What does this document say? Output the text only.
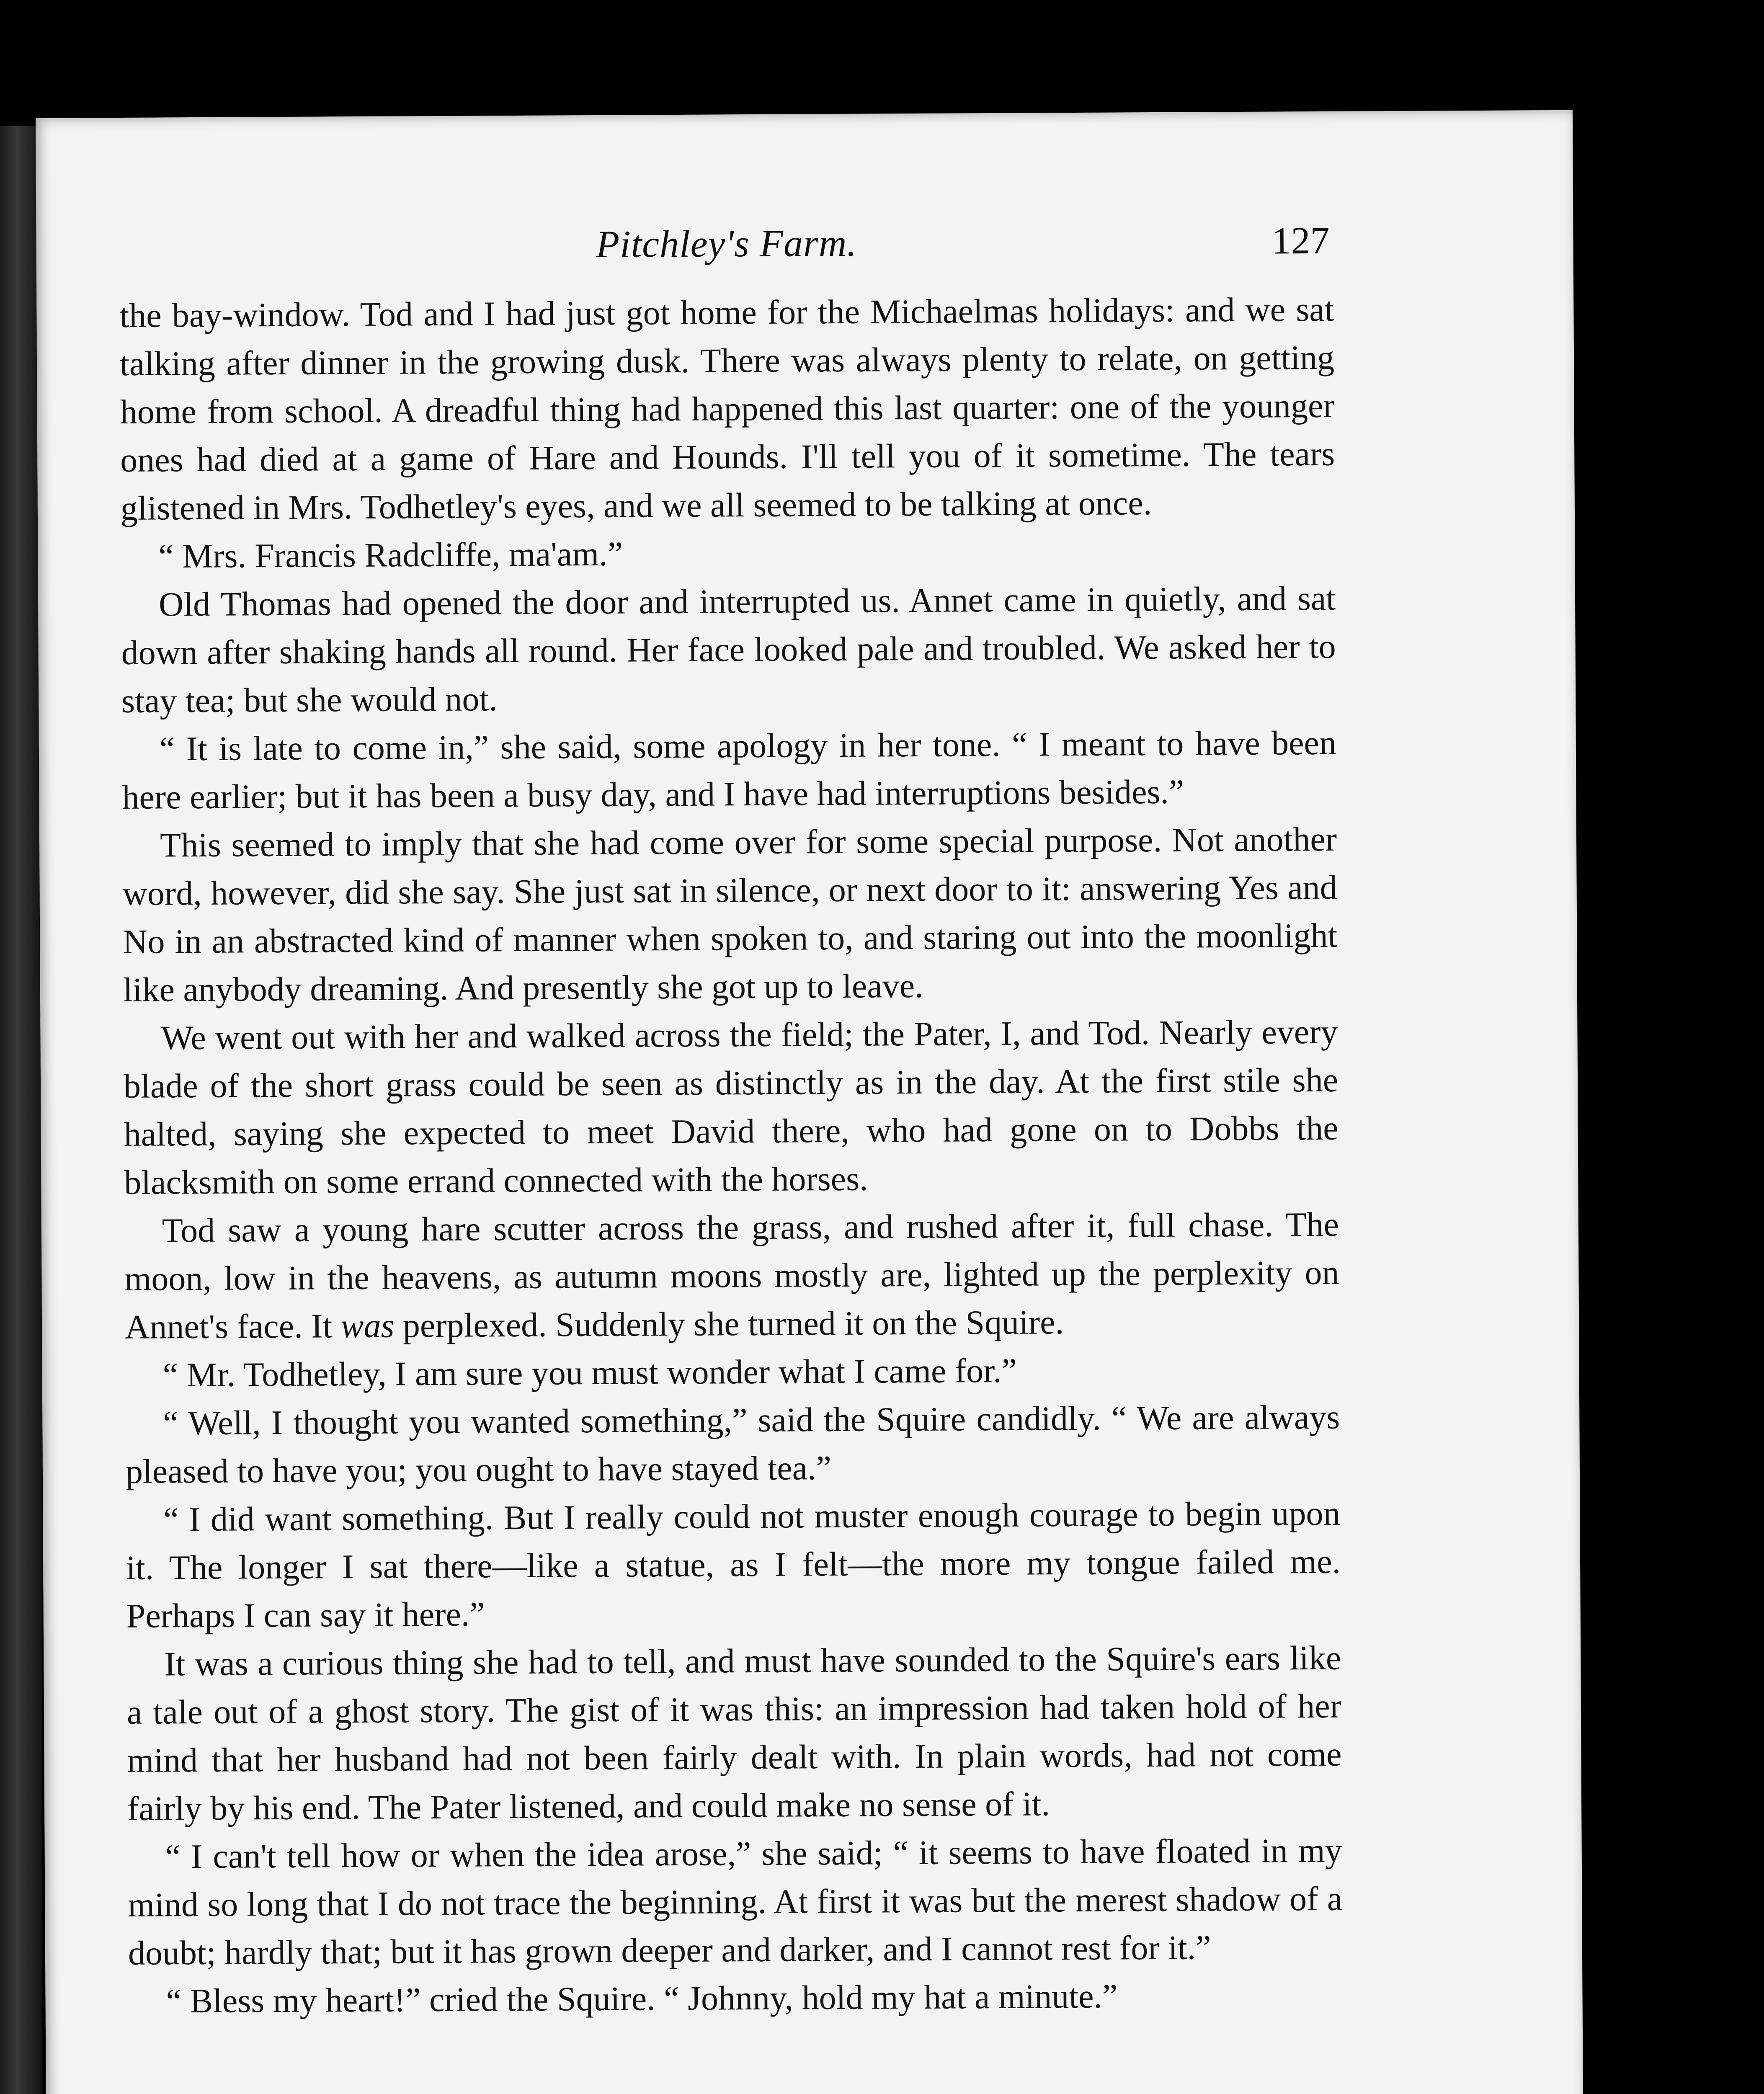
Pitchley's Farm.	127

the bay-window. Tod and I had just got home for the Michaelmas holidays: and we sat talking after dinner in the growing dusk. There was always plenty to relate, on getting home from school. A dreadful thing had happened this last quarter: one of the younger ones had died at a game of Hare and Hounds. I'll tell you of it sometime. The tears glistened in Mrs. Todhetley's eyes, and we all seemed to be talking at once.

“ Mrs. Francis Radcliffe, ma'am.”

Old Thomas had opened the door and interrupted us. Annet came in quietly, and sat down after shaking hands all round. Her face looked pale and troubled. We asked her to stay tea; but she would not.

“ It is late to come in,” she said, some apology in her tone. “ I meant to have been here earlier; but it has been a busy day, and I have had interruptions besides.”

This seemed to imply that she had come over for some special purpose. Not another word, however, did she say. She just sat in silence, or next door to it: answering Yes and No in an abstracted kind of manner when spoken to, and staring out into the moonlight like anybody dreaming. And presently she got up to leave.

We went out with her and walked across the field; the Pater, I, and Tod. Nearly every blade of the short grass could be seen as distinctly as in the day. At the first stile she halted, saying she expected to meet David there, who had gone on to Dobbs the blacksmith on some errand connected with the horses.

Tod saw a young hare scutter across the grass, and rushed after it, full chase. The moon, low in the heavens, as autumn moons mostly are, lighted up the perplexity on Annet's face. It was perplexed. Suddenly she turned it on the Squire.

“ Mr. Todhetley, I am sure you must wonder what I came for.”

“ Well, I thought you wanted something,” said the Squire candidly. “ We are always pleased to have you; you ought to have stayed tea.”

“ I did want something. But I really could not muster enough courage to begin upon it. The longer I sat there—like a statue, as I felt—the more my tongue failed me. Perhaps I can say it here.”

It was a curious thing she had to tell, and must have sounded to the Squire's ears like a tale out of a ghost story. The gist of it was this: an impression had taken hold of her mind that her husband had not been fairly dealt with. In plain words, had not come fairly by his end. The Pater listened, and could make no sense of it.

“ I can't tell how or when the idea arose,” she said; “ it seems to have floated in my mind so long that I do not trace the beginning. At first it was but the merest shadow of a doubt; hardly that; but it has grown deeper and darker, and I cannot rest for it.”

“ Bless my heart!” cried the Squire. “ Johnny, hold my hat a minute.”
